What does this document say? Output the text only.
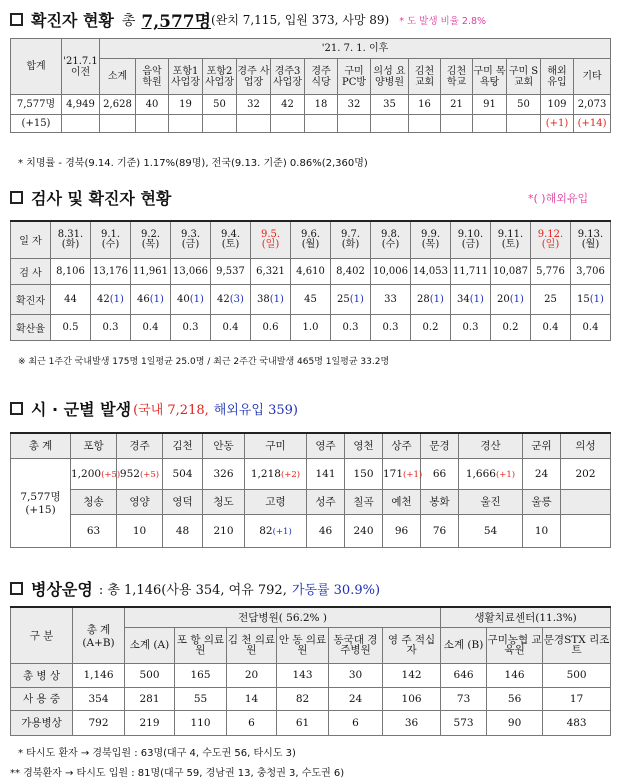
확진자 현황 총 7,577명 (완치 7,115, 입원 373, 사망 89) * 도 발생 비율 2.8%
합계	'21.7.1 이전	'21. 7. 1. 이후														
		소계	음악 학원	포항1 사업장	포항2 사업장	경주 사업장	경주3 사업장	경주 식당	구미 PC방	의성 요양병원	김천 교회	김천 학교	구미 목욕탕	구미 S교회	해외 유입	기타
7,577명	4,949	2,628	40	19	50	32	42	18	32	35	16	21	91	50	109	2,073
(+15)															(+1)	(+14)
* 치명률 - 경북(9.14. 기준) 1.17%(89명), 전국(9.13. 기준) 0.86%(2,360명)
검사 및 확진자 현황	*( )해외유입
일 자	8.31. (화)	9.1. (수)	9.2. (목)	9.3. (금)	9.4. (토)	9.5. (일)	9.6. (월)	9.7. (화)	9.8. (수)	9.9. (목)	9.10. (금)	9.11. (토)	9.12. (일)	9.13. (월)
검 사	8,106	13,176	11,961	13,066	9,537	6,321	4,610	8,402	10,006	14,053	11,711	10,087	5,776	3,706
확진자	44	42(1)	46(1)	40(1)	42(3)	38(1)	45	25(1)	33	28(1)	34(1)	20(1)	25	15(1)
확산율	0.5	0.3	0.4	0.3	0.4	0.6	1.0	0.3	0.3	0.2	0.3	0.2	0.4	0.4
※ 최근 1주간 국내발생 175명 1일평균 25.0명 / 최근 2주간 국내발생 465명 1일평균 33.2명
시 · 군별 발생 (국내 7,218, 해외유입 359)
총 계	포항	경주	김천	안동	구미	영주	영천	상주	문경	경산	군위	의성

7,577명
(+15)	1,200(+5)	952(+5)	504	326	1,218(+2)	141	150	171(+1)	66	1,666(+1)	24	202
	청송	영양	영덕	청도	고령	성주	칠곡	예천	봉화	울진	울릉	
	63	10	48	210	82(+1)	46	240	96	76	54	10	
병상운영 : 총 1,146(사용 354, 여유 792, 가동률 30.9%)
구 분	총 계 (A+B)	전담병원( 56.2% )						생활치료센터(11.3%)		
		소계 (A)	포 항 의료원	김 천 의료원	안 동 의료원	동국대 경주병원	영 주 적십자	소계 (B)	구미농협 교육원	문경STX 리조트
총 병 상	1,146	500	165	20	143	30	142	646	146	500
사 용 중	354	281	55	14	82	24	106	73	56	17
가용병상	792	219	110	6	61	6	36	573	90	483
* 타시도 환자 → 경북입원 : 63명(대구 4, 수도권 56, 타시도 3)
** 경북환자 → 타시도 입원 : 81명(대구 59, 경남권 13, 충청권 3, 수도권 6)
